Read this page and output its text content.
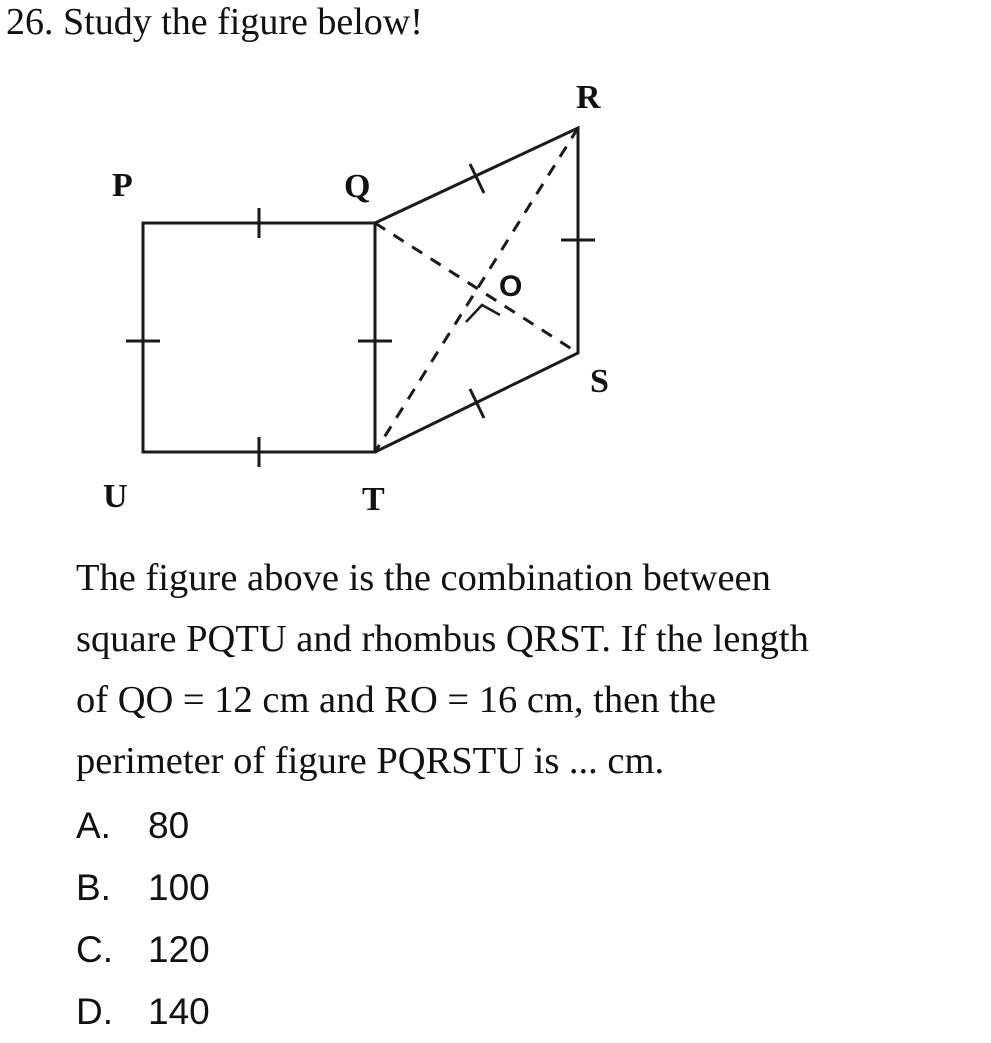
26. Study the figure below!
P	Q
R
S
T
U
O

The figure above is the combination between

square PQTU and rhombus QRST. If the length

of QO = 12 cm and RO = 16 cm, then the

perimeter of figure PQRSTU is ... cm.

A.	80
B.	100
C. 120
D. 140
